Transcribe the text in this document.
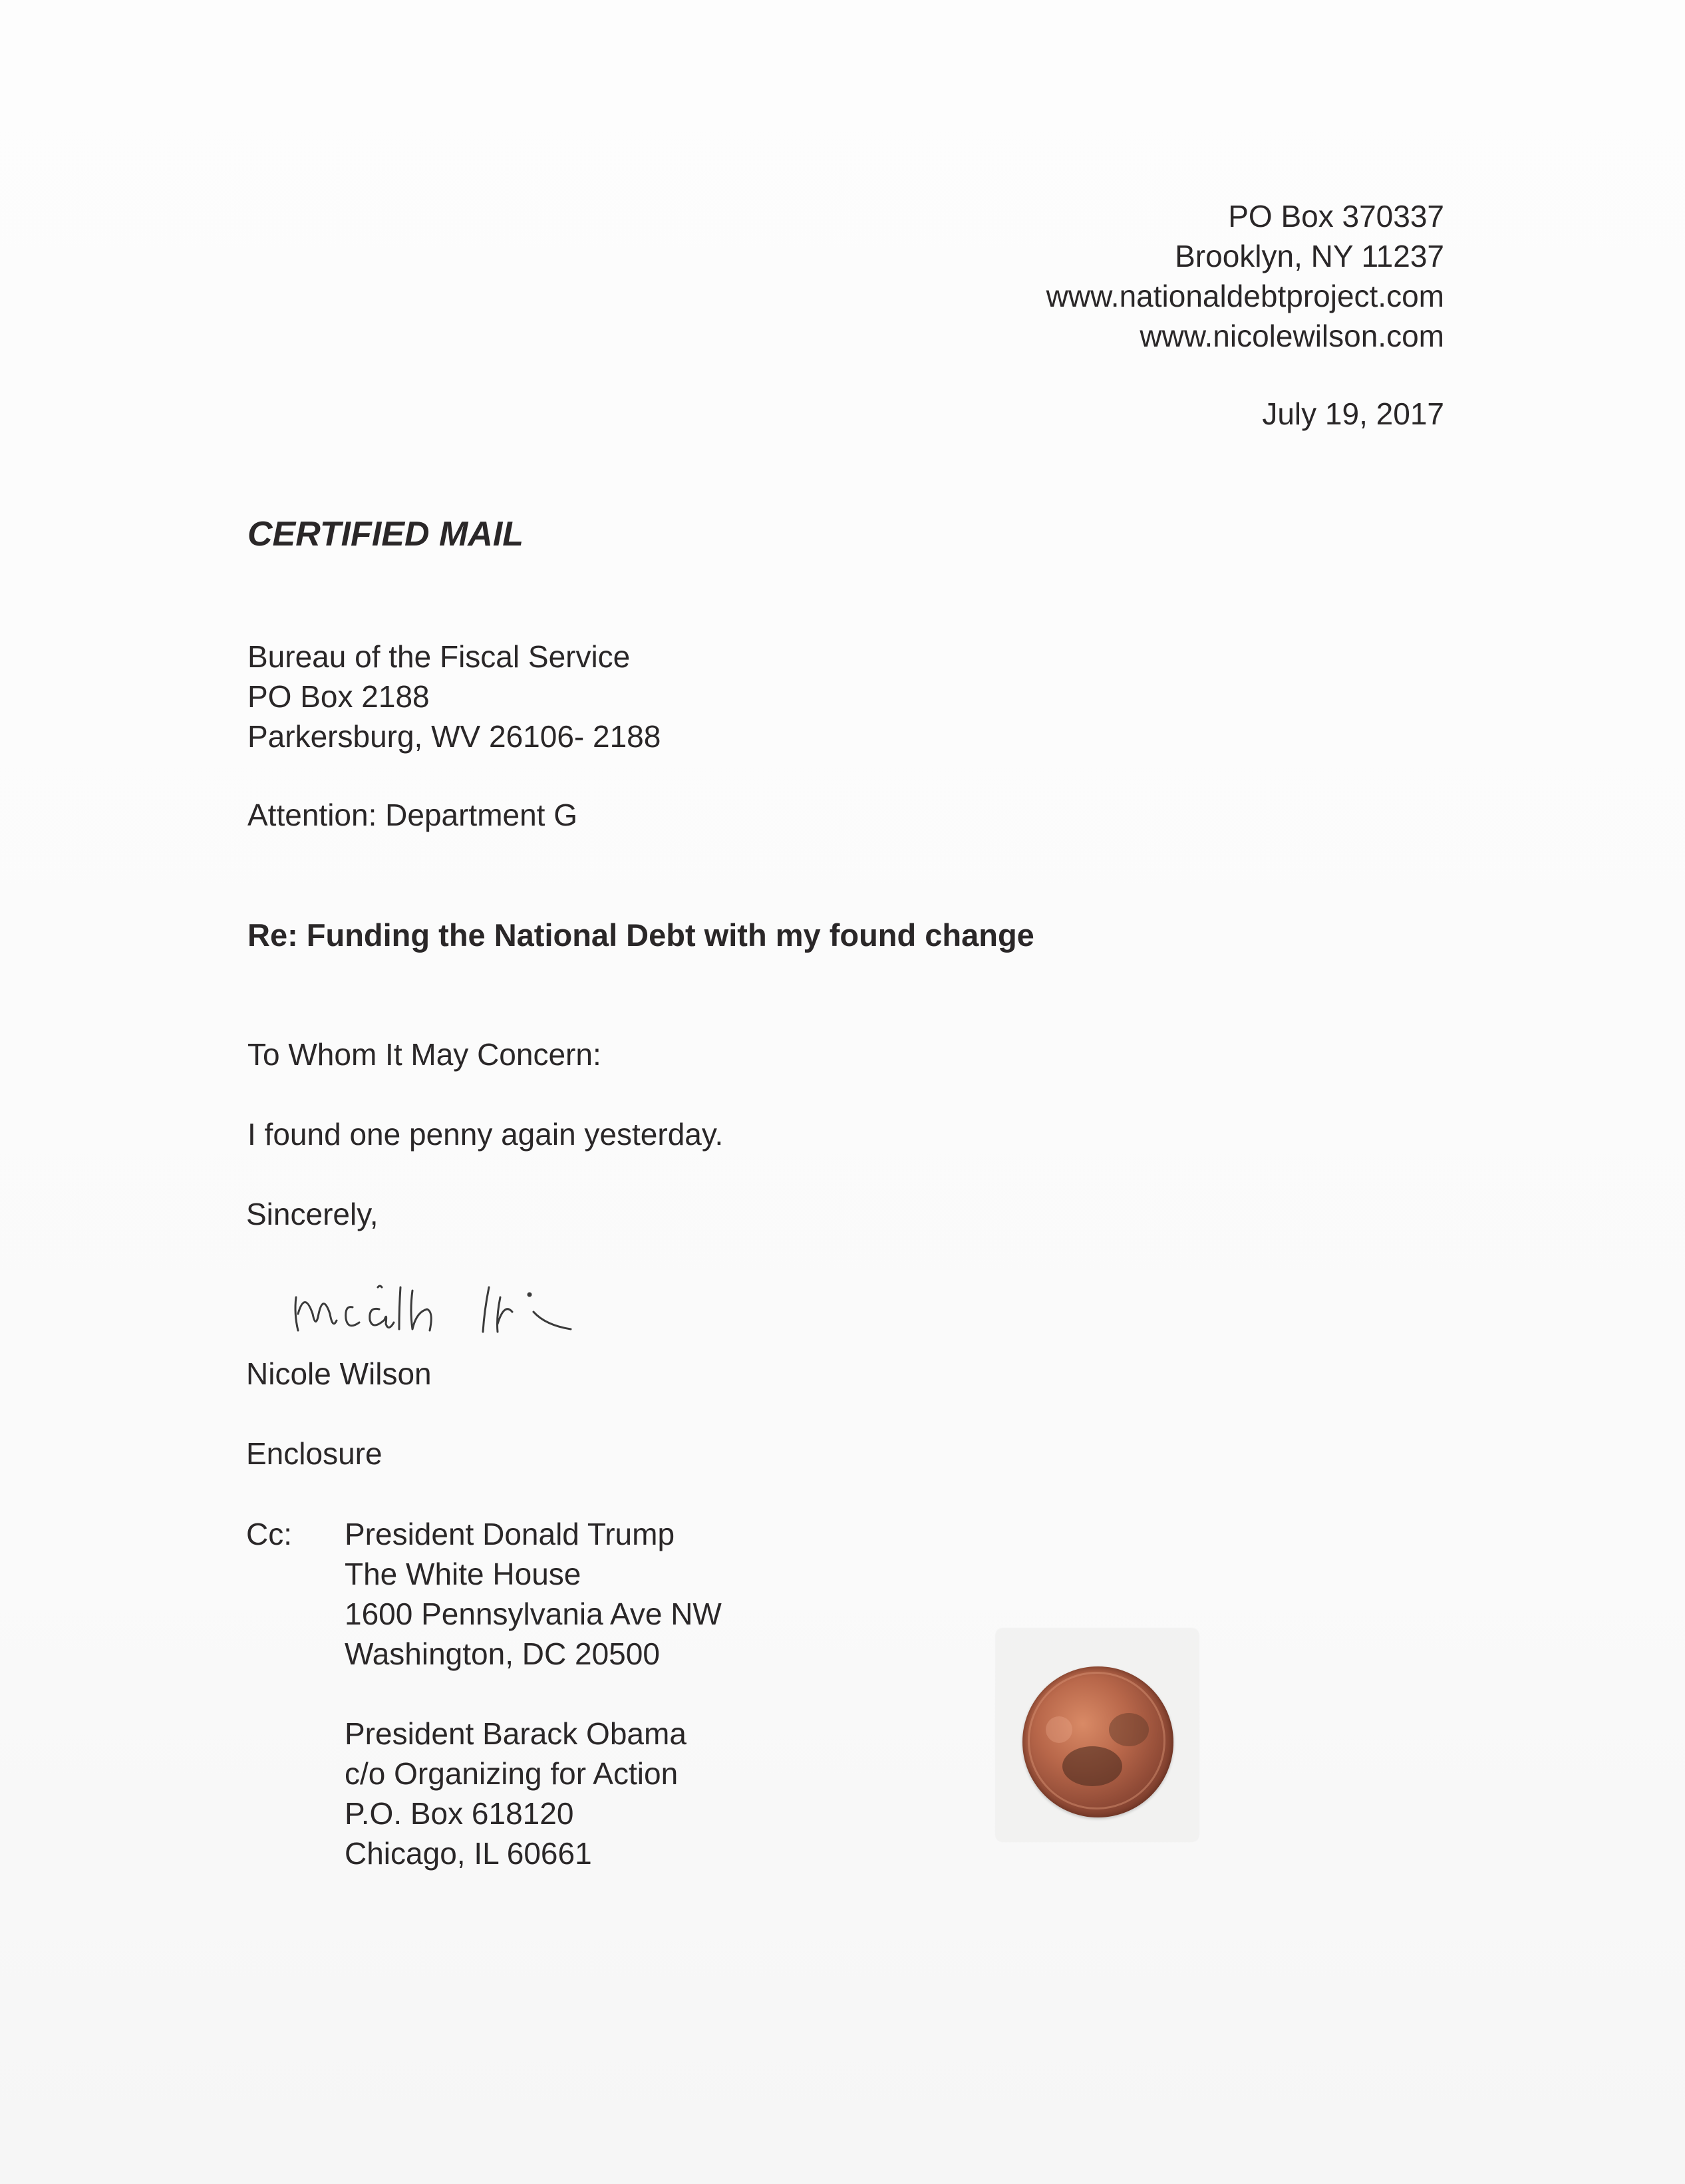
PO Box 370337
Brooklyn, NY 11237
www.nationaldebtproject.com
www.nicolewilson.com
July 19, 2017
CERTIFIED MAIL
Bureau of the Fiscal Service
PO Box 2188
Parkersburg, WV 26106- 2188
Attention: Department G
Re: Funding the National Debt with my found change
To Whom It May Concern:
I found one penny again yesterday.
Sincerely,
Nicole Wilson
Enclosure
Cc: President Donald Trump
The White House
1600 Pennsylvania Ave NW
Washington, DC 20500
President Barack Obama
c/o Organizing for Action
P.O. Box 618120
Chicago, IL 60661
